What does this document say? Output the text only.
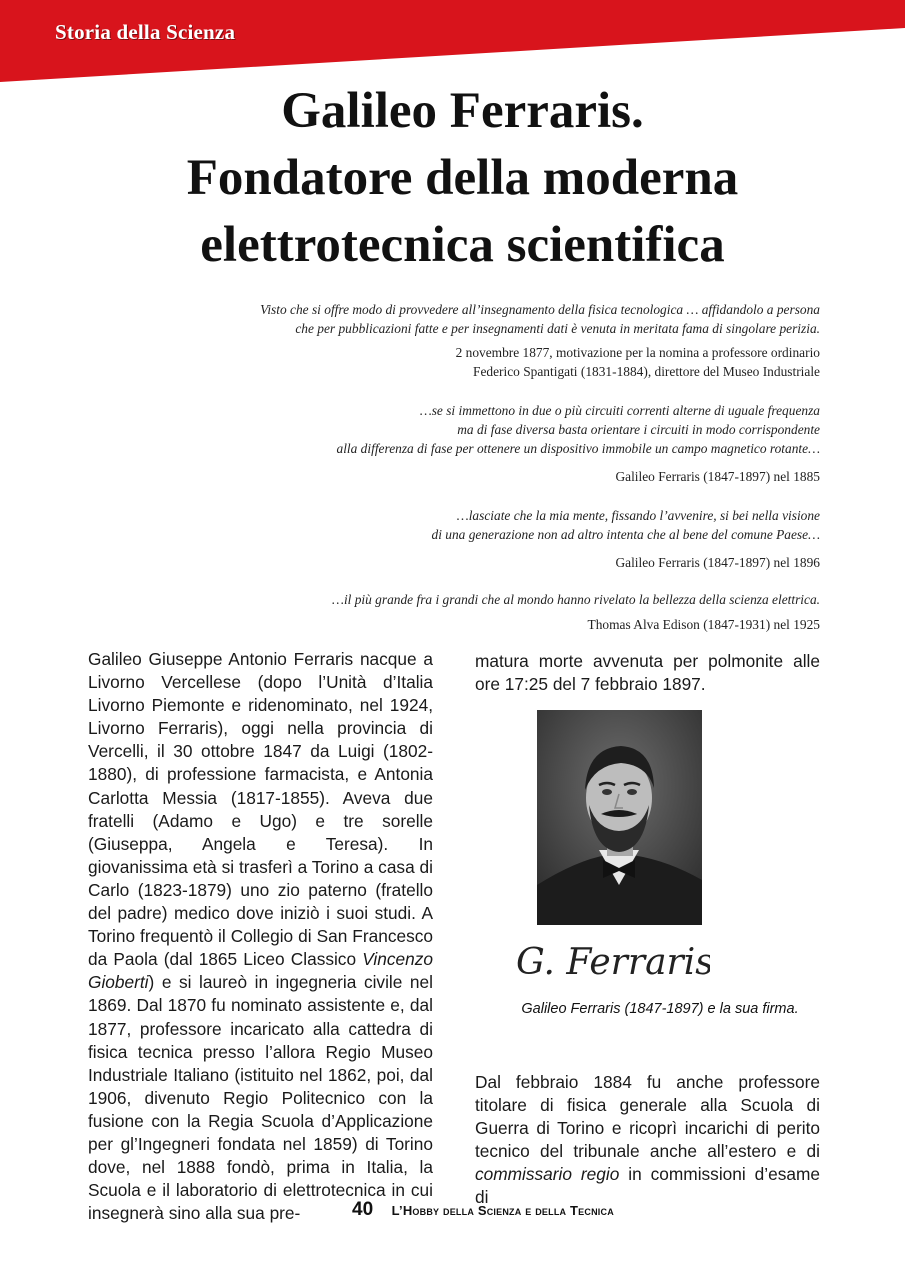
Storia della Scienza
Galileo Ferraris.
Fondatore della moderna
elettrotecnica scientifica
Visto che si offre modo di provvedere all’insegnamento della fisica tecnologica … affidandolo a persona
che per pubblicazioni fatte e per insegnamenti dati è venuta in meritata fama di singolare perizia.
2 novembre 1877, motivazione per la nomina a professore ordinario
Federico Spantigati (1831-1884), direttore del Museo Industriale
…se si immettono in due o più circuiti correnti alterne di uguale frequenza
ma di fase diversa basta orientare i circuiti in modo corrispondente
alla differenza di fase per ottenere un dispositivo immobile un campo magnetico rotante…
Galileo Ferraris (1847-1897) nel 1885
…lasciate che la mia mente, fissando l’avvenire, si bei nella visione
di una generazione non ad altro intenta che al bene del comune Paese…
Galileo Ferraris (1847-1897) nel 1896
…il più grande fra i grandi che al mondo hanno rivelato la bellezza della scienza elettrica.
Thomas Alva Edison (1847-1931) nel 1925

Galileo Giuseppe Antonio Ferraris nacque a Livorno Vercellese (dopo l’Unità d’Italia Livorno Piemonte e ridenominato, nel 1924, Livorno Ferraris), oggi nella provincia di Vercelli, il 30 ottobre 1847 da Luigi (1802-1880), di professione farmacista, e Antonia Carlotta Messia (1817-1855). Aveva due fratelli (Adamo e Ugo) e tre sorelle (Giuseppa, Angela e Teresa). In giovanissima età si trasferì a Torino a casa di Carlo (1823-1879) uno zio paterno (fratello del padre) medico dove iniziò i suoi studi. A Torino frequentò il Collegio di San Francesco da Paola (dal 1865 Liceo Classico Vincenzo Gioberti) e si laureò in ingegneria civile nel 1869. Dal 1870 fu nominato assistente e, dal 1877, professore incaricato alla cattedra di fisica tecnica presso l’allora Regio Museo Industriale Italiano (istituito nel 1862, poi, dal 1906, divenuto Regio Politecnico con la fusione con la Regia Scuola d’Applicazione per gl’Ingegneri fondata nel 1859) di Torino dove, nel 1888 fondò, prima in Italia, la Scuola e il laboratorio di elettrotecnica in cui insegnerà sino alla sua pre-

matura morte avvenuta per polmonite alle ore 17:25 del 7 febbraio 1897.

G. Ferraris
Galileo Ferraris (1847-1897) e la sua firma.

Dal febbraio 1884 fu anche professore titolare di fisica generale alla Scuola di Guerra di Torino e ricoprì incarichi di perito tecnico del tribunale anche all’estero e di commissario regio in commissioni d’esame di

40 L’Hobby della Scienza e della Tecnica
